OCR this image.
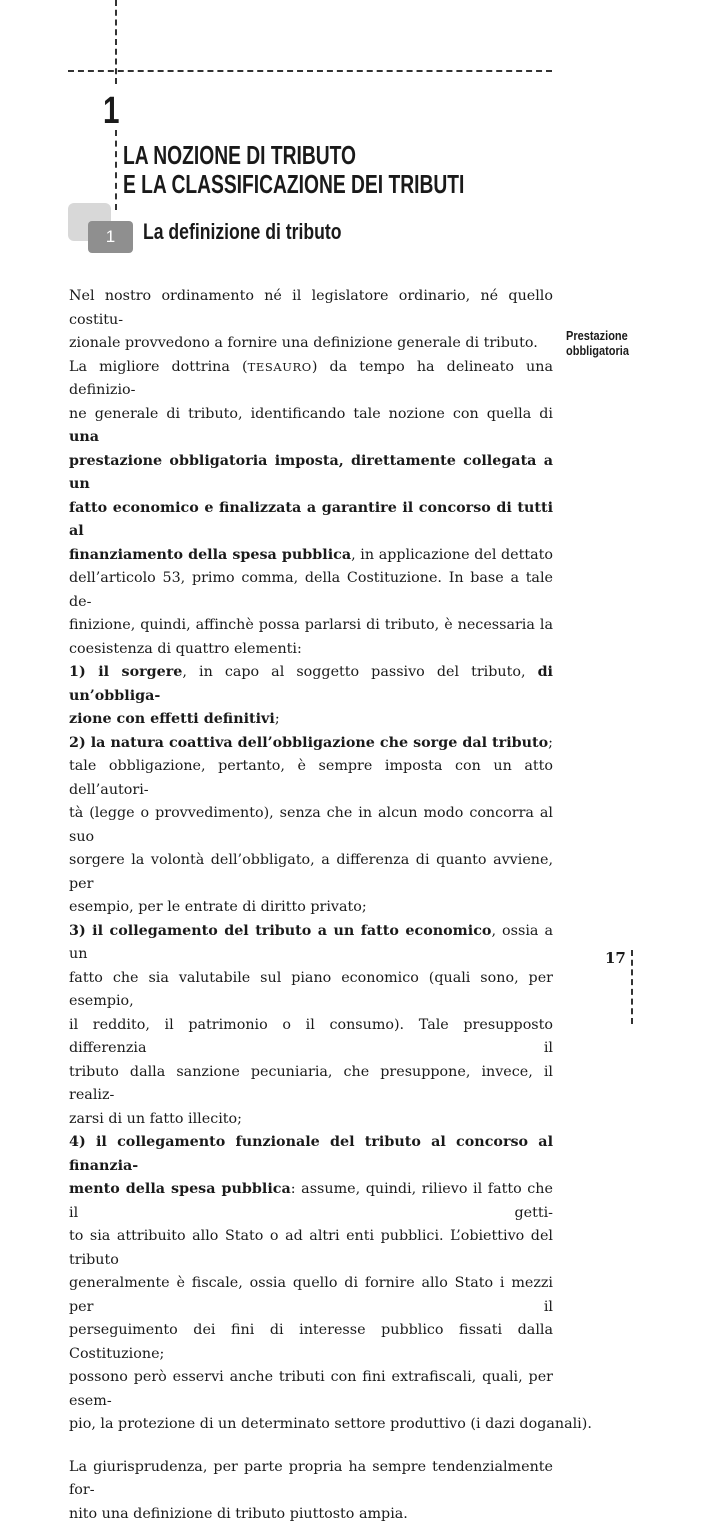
1
LA NOZIONE DI TRIBUTO
E LA CLASSIFICAZIONE DEI TRIBUTI
1	La definizione di tributo
Prestazione
obbligatoria
Nel nostro ordinamento né il legislatore ordinario, né quello costitu-
zionale provvedono a fornire una definizione generale di tributo.
La migliore dottrina (TESAURO) da tempo ha delineato una definizio-
ne generale di tributo, identificando tale nozione con quella di una
prestazione obbligatoria imposta, direttamente collegata a un
fatto economico e finalizzata a garantire il concorso di tutti al
finanziamento della spesa pubblica, in applicazione del dettato
dell’articolo 53, primo comma, della Costituzione. In base a tale de-
finizione, quindi, affinchè possa parlarsi di tributo, è necessaria la
coesistenza di quattro elementi:
1) il sorgere, in capo al soggetto passivo del tributo, di un’obbliga-
zione con effetti definitivi;
2) la natura coattiva dell’obbligazione che sorge dal tributo;
tale obbligazione, pertanto, è sempre imposta con un atto dell’autori-
tà (legge o provvedimento), senza che in alcun modo concorra al suo
sorgere la volontà dell’obbligato, a differenza di quanto avviene, per
esempio, per le entrate di diritto privato;
3) il collegamento del tributo a un fatto economico, ossia a un
fatto che sia valutabile sul piano economico (quali sono, per esempio,
il reddito, il patrimonio o il consumo). Tale presupposto differenzia il
tributo dalla sanzione pecuniaria, che presuppone, invece, il realiz-
zarsi di un fatto illecito;
4) il collegamento funzionale del tributo al concorso al finanzia-
mento della spesa pubblica: assume, quindi, rilievo il fatto che il getti-
to sia attribuito allo Stato o ad altri enti pubblici. L’obiettivo del tributo
generalmente è fiscale, ossia quello di fornire allo Stato i mezzi per il
perseguimento dei fini di interesse pubblico fissati dalla Costituzione;
possono però esservi anche tributi con fini extrafiscali, quali, per esem-
pio, la protezione di un determinato settore produttivo (i dazi doganali).
La giurisprudenza, per parte propria ha sempre tendenzialmente for-
nito una definizione di tributo piuttosto ampia.
17
